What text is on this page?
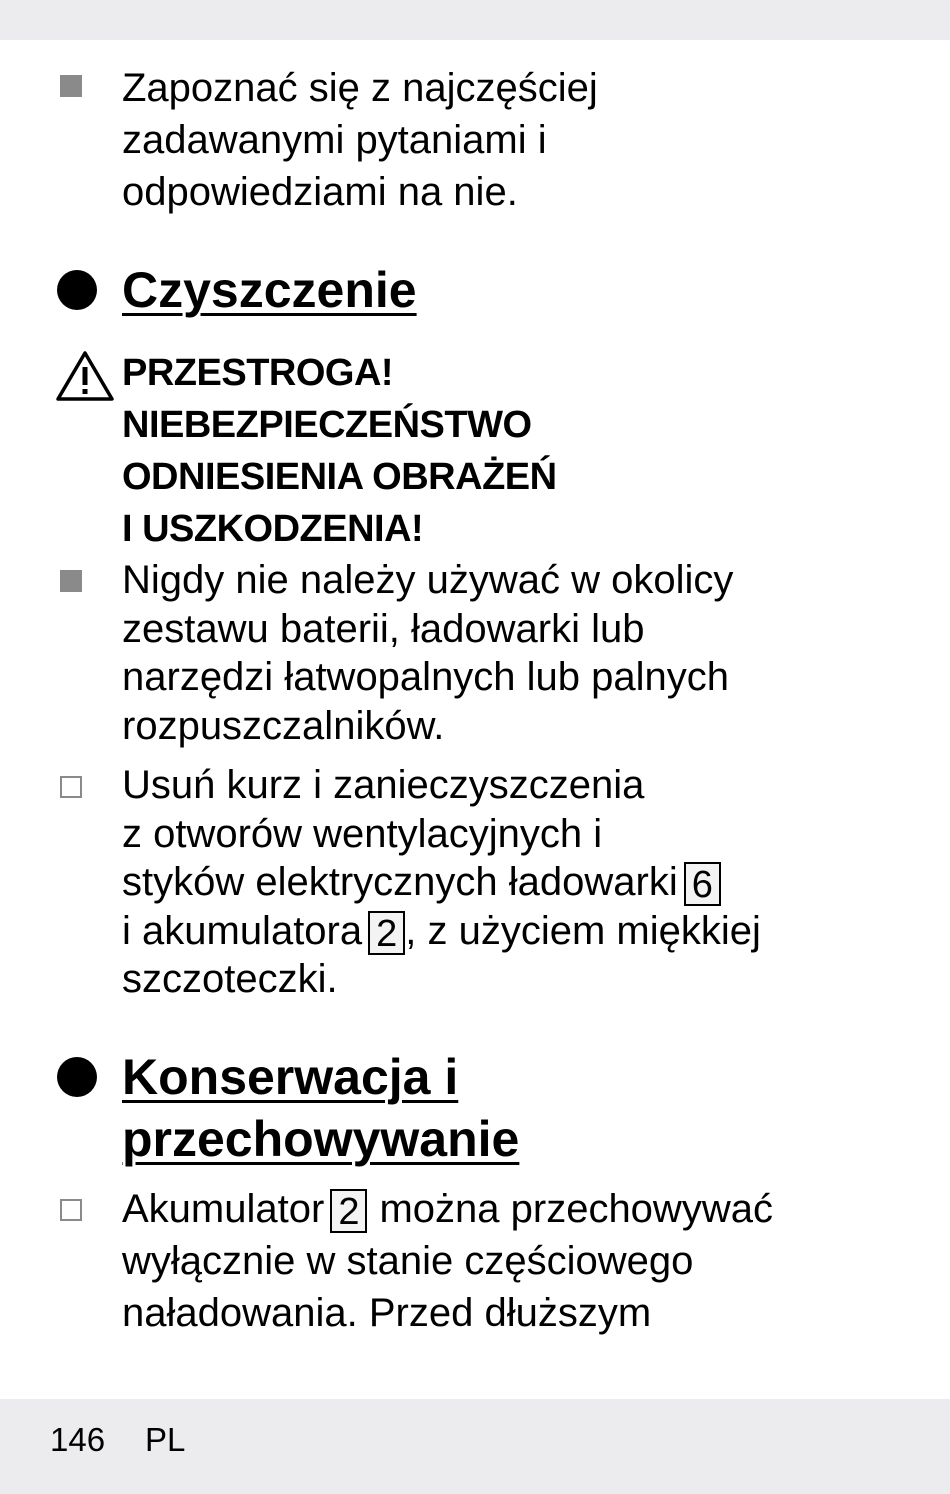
Zapoznać się z najczęściej
zadawanymi pytaniami i
odpowiedziami na nie.
Czyszczenie
PRZESTROGA!
NIEBEZPIECZEŃSTWO
ODNIESIENIA OBRAŻEŃ
I USZKODZENIA!
Nigdy nie należy używać w okolicy
zestawu baterii, ładowarki lub
narzędzi łatwopalnych lub palnych
rozpuszczalników.
Usuń kurz i zanieczyszczenia
z otworów wentylacyjnych i
styków elektrycznych ładowarki 6
i akumulatora 2 , z użyciem miękkiej
szczoteczki.
Konserwacja i
przechowywanie
Akumulator 2 można przechowywać
wyłącznie w stanie częściowego
naładowania. Przed dłuższym
146 PL
